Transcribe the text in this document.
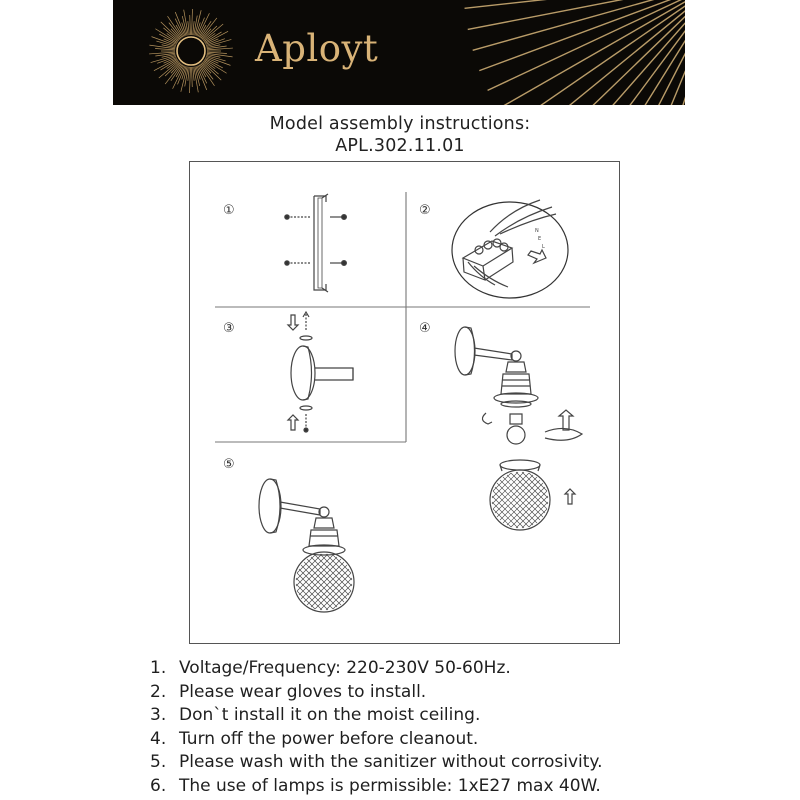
Aployt
Model assembly instructions:
APL.302.11.01
①	②
③	④
⑤
N
E
L
1. Voltage/Frequency: 220-230V 50-60Hz.
2. Please wear gloves to install.
3. Don`t install it on the moist ceiling.
4. Turn off the power before cleanout.
5. Please wash with the sanitizer without corrosivity.
6. The use of lamps is permissible: 1xE27 max 40W.
